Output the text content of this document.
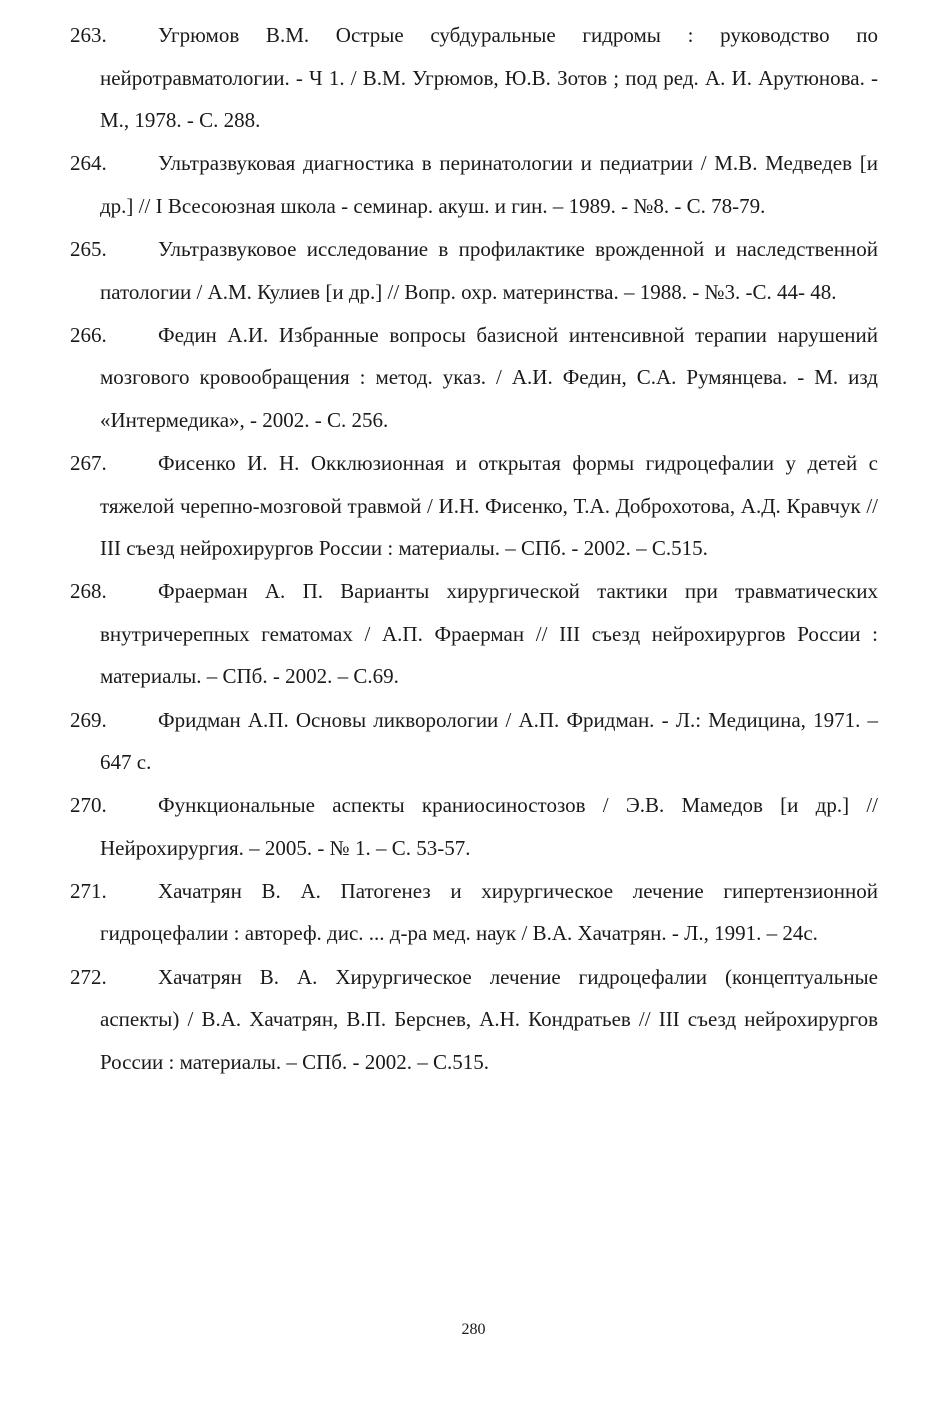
263.	Угрюмов В.М. Острые субдуральные гидромы : руководство по нейротравматологии. - Ч 1. / В.М. Угрюмов, Ю.В. Зотов ; под ред. А. И. Арутюнова. - М., 1978. - С. 288.
264.	Ультразвуковая диагностика в перинатологии и педиатрии / М.В. Медведев [и др.] // I Всесоюзная школа - семинар. акуш. и гин. – 1989. - №8. - С. 78-79.
265.	Ультразвуковое исследование в профилактике врожденной и наследственной патологии / А.М. Кулиев [и др.] // Вопр. охр. материнства. – 1988. - №3. -С. 44- 48.
266.	Федин А.И. Избранные вопросы базисной интенсивной терапии нарушений мозгового кровообращения : метод. указ. / А.И. Федин, С.А. Румянцева. - М. изд «Интермедика», - 2002. - С. 256.
267.	Фисенко И. Н. Окклюзионная и открытая формы гидроцефалии у детей с тяжелой черепно-мозговой травмой / И.Н. Фисенко, Т.А. Доброхотова, А.Д. Кравчук // III съезд нейрохирургов России : материалы. – СПб. - 2002. – С.515.
268.	Фраерман А. П. Варианты хирургической тактики при травматических внутричерепных гематомах / А.П. Фраерман // III съезд нейрохирургов России : материалы. – СПб. - 2002. – С.69.
269.	Фридман А.П. Основы ликворологии / А.П. Фридман. - Л.: Медицина, 1971. – 647 с.
270.	Функциональные аспекты краниосиностозов / Э.В. Мамедов [и др.] // Нейрохирургия. – 2005. - № 1. – С. 53-57.
271.	Хачатрян В. А. Патогенез и хирургическое лечение гипертензионной гидроцефалии : автореф. дис. ... д-ра мед. наук / В.А. Хачатрян. - Л., 1991. – 24с.
272.	Хачатрян В. А. Хирургическое лечение гидроцефалии (концептуальные аспекты) / В.А. Хачатрян, В.П. Берснев, А.Н. Кондратьев // III съезд нейрохирургов России : материалы. – СПб. - 2002. – С.515.
280
